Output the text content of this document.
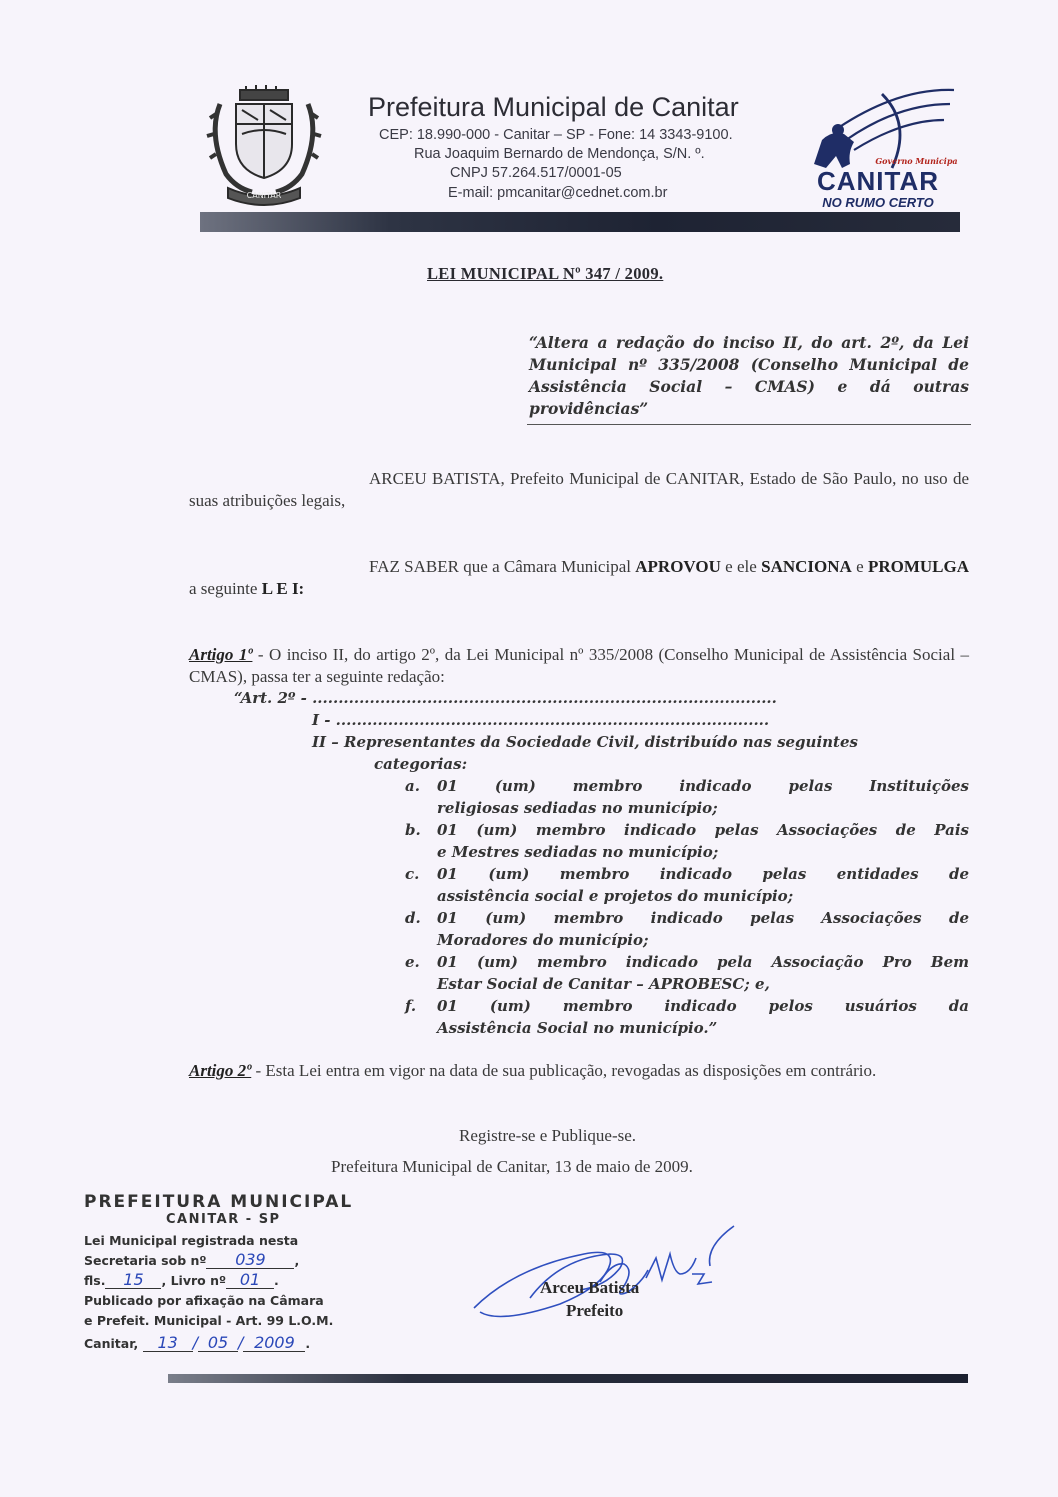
CANITAR
Prefeitura Municipal de Canitar
CEP: 18.990-000 - Canitar – SP - Fone: 14 3343-9100.
Rua Joaquim Bernardo de Mendonça, S/N. º.
CNPJ 57.264.517/0001-05
E-mail: pmcanitar@cednet.com.br
Governo Municipal
CANITAR
NO RUMO CERTO
LEI MUNICIPAL Nº 347 / 2009.
“Altera a redação do inciso II, do art. 2º, da Lei Municipal nº 335/2008 (Conselho Municipal de Assistência Social – CMAS) e dá outras providências”
ARCEU BATISTA, Prefeito Municipal de CANITAR, Estado de São Paulo, no uso de suas atribuições legais,
FAZ SABER que a Câmara Municipal APROVOU e ele SANCIONA e PROMULGA a seguinte L E I:
Artigo 1º - O inciso II, do artigo 2º, da Lei Municipal nº 335/2008 (Conselho Municipal de Assistência Social – CMAS), passa ter a seguinte redação:
“Art. 2º - .........................................................................................
I - ...................................................................................
II – Representantes da Sociedade Civil, distribuído nas seguintes
categorias:
a. 01 (um) membro indicado pelas Instituições
religiosas sediadas no município;
b. 01 (um) membro indicado pelas Associações de Pais
e Mestres sediadas no município;
c. 01 (um) membro indicado pelas entidades de
assistência social e projetos do município;
d. 01 (um) membro indicado pelas Associações de
Moradores do município;
e. 01 (um) membro indicado pela Associação Pro Bem
Estar Social de Canitar – APROBESC; e,
f. 01 (um) membro indicado pelos usuários da
Assistência Social no município.”
Artigo 2º - Esta Lei entra em vigor na data de sua publicação, revogadas as disposições em contrário.
Registre-se e Publique-se.
Prefeitura Municipal de Canitar, 13 de maio de 2009.
PREFEITURA MUNICIPAL
CANITAR - SP
Lei Municipal registrada nesta
Secretaria sob nº 039 ,
fls. 15 , Livro nº 01 .
Publicado por afixação na Câmara
e Prefeit. Municipal - Art. 99 L.O.M.
Canitar, 13 / 05 / 2009 .
Arceu Batista
Prefeito
